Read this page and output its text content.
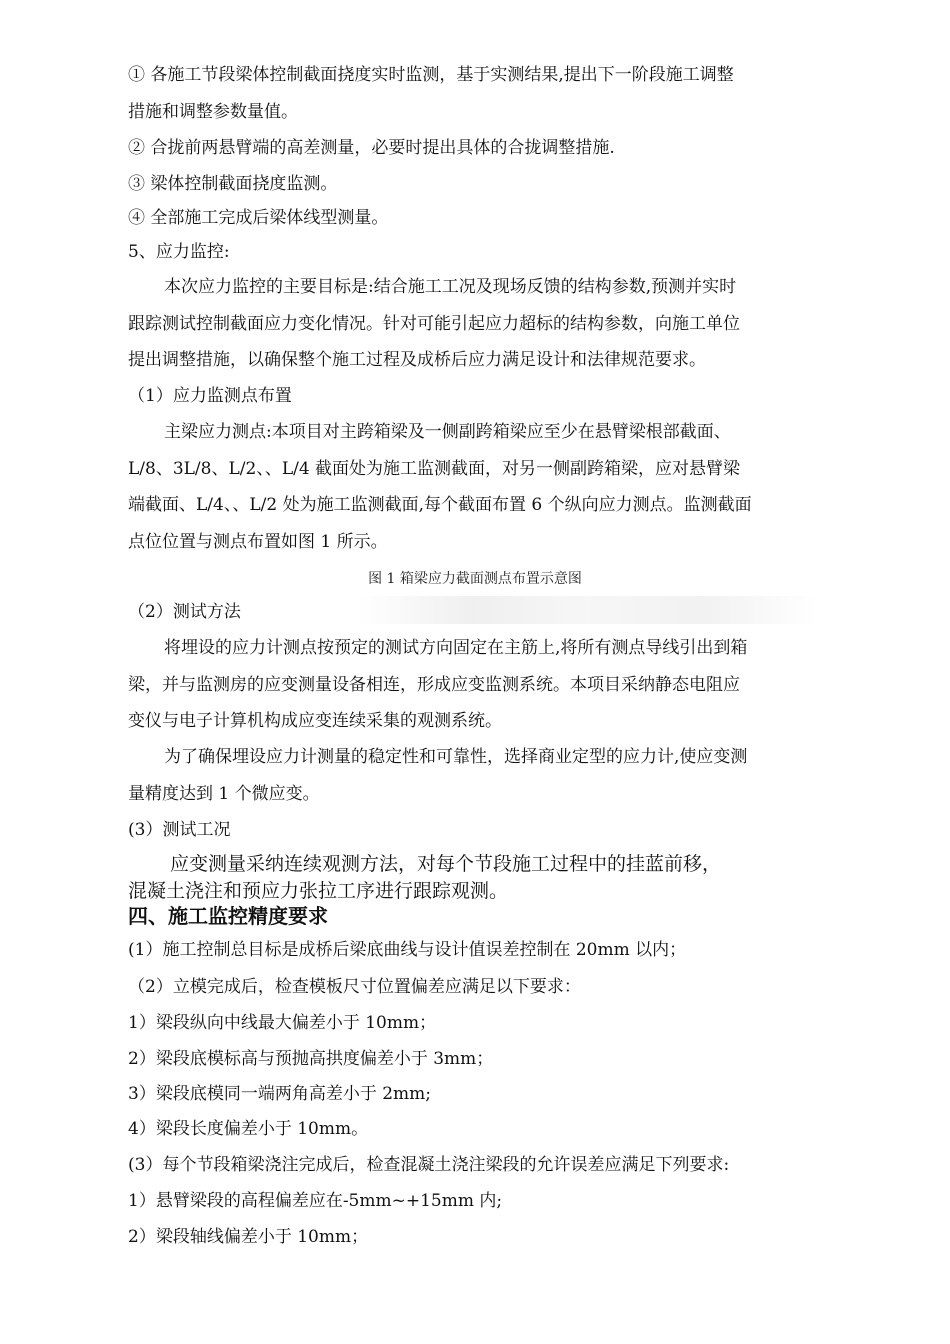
① 各施工节段梁体控制截面挠度实时监测，基于实测结果,提出下一阶段施工调整
措施和调整参数量值。
② 合拢前两悬臂端的高差测量，必要时提出具体的合拢调整措施.
③ 梁体控制截面挠度监测。
④ 全部施工完成后梁体线型测量。
5、应力监控:
本次应力监控的主要目标是:结合施工工况及现场反馈的结构参数,预测并实时
跟踪测试控制截面应力变化情况。针对可能引起应力超标的结构参数，向施工单位
提出调整措施，以确保整个施工过程及成桥后应力满足设计和法律规范要求。
（1）应力监测点布置
主梁应力测点:本项目对主跨箱梁及一侧副跨箱梁应至少在悬臂梁根部截面、
L/8、3L/8、L/2、、L/4 截面处为施工监测截面，对另一侧副跨箱梁，应对悬臂梁
端截面、L/4、、L/2 处为施工监测截面,每个截面布置 6 个纵向应力测点。监测截面
点位位置与测点布置如图 1 所示。
图 1 箱梁应力截面测点布置示意图
（2）测试方法
将埋设的应力计测点按预定的测试方向固定在主筋上,将所有测点导线引出到箱
梁，并与监测房的应变测量设备相连，形成应变监测系统。本项目采纳静态电阻应
变仪与电子计算机构成应变连续采集的观测系统。
为了确保埋设应力计测量的稳定性和可靠性，选择商业定型的应力计,使应变测
量精度达到 1 个微应变。
(3）测试工况
应变测量采纳连续观测方法，对每个节段施工过程中的挂蓝前移，
混凝土浇注和预应力张拉工序进行跟踪观测。
四、施工监控精度要求
(1）施工控制总目标是成桥后梁底曲线与设计值误差控制在 20mm 以内；
（2）立模完成后，检查模板尺寸位置偏差应满足以下要求：
1）梁段纵向中线最大偏差小于 10mm；
2）梁段底模标高与预抛高拱度偏差小于 3mm；
3）梁段底模同一端两角高差小于 2mm;
4）梁段长度偏差小于 10mm。
(3）每个节段箱梁浇注完成后，检查混凝土浇注梁段的允许误差应满足下列要求:
1）悬臂梁段的高程偏差应在-5mm~+15mm 内;
2）梁段轴线偏差小于 10mm；
